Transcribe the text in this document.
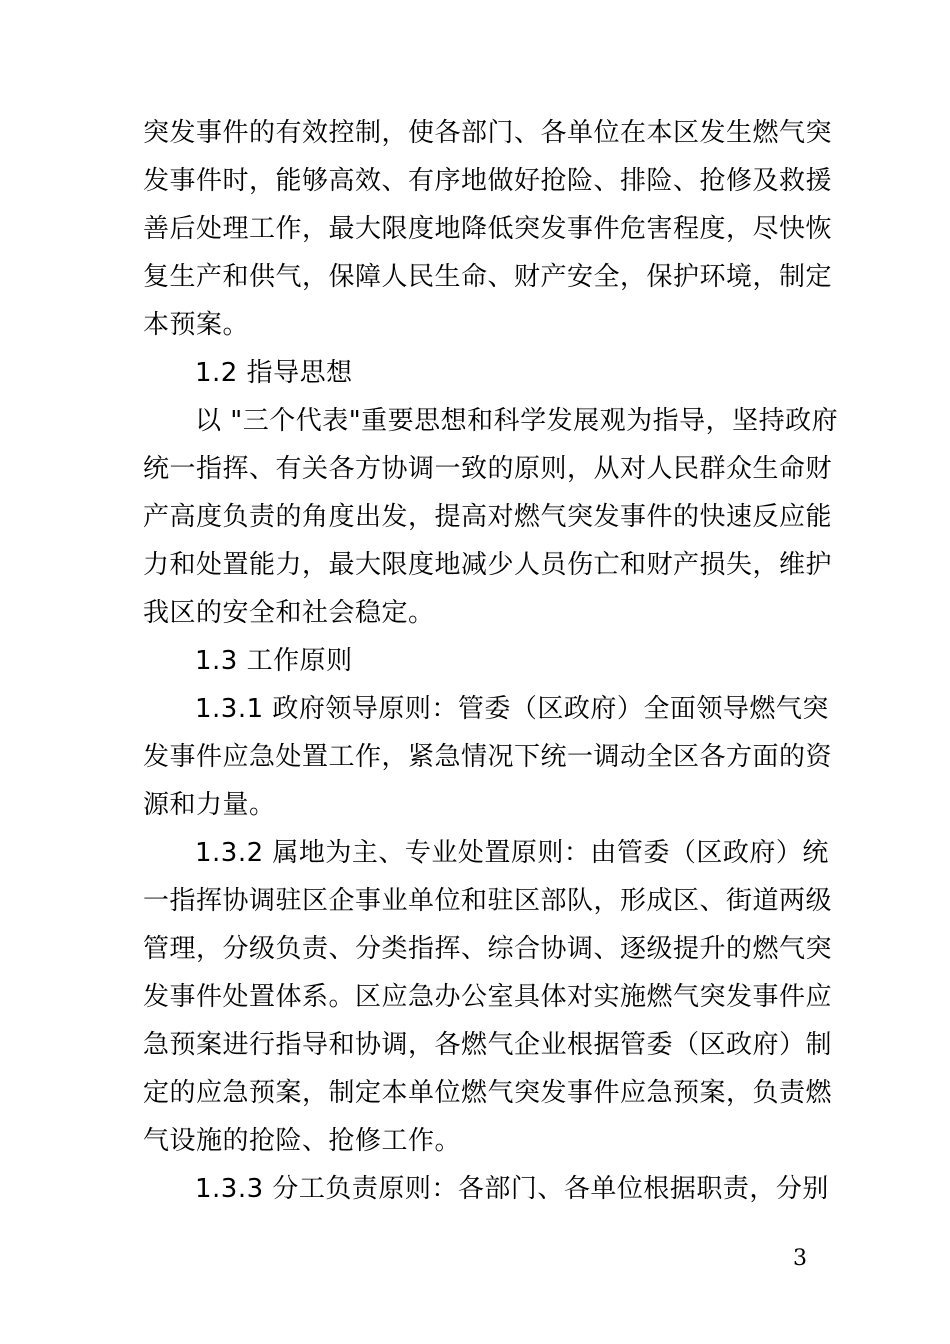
突发事件的有效控制，使各部门、各单位在本区发生燃气突
发事件时，能够高效、有序地做好抢险、排险、抢修及救援
善后处理工作，最大限度地降低突发事件危害程度，尽快恢
复生产和供气，保障人民生命、财产安全，保护环境，制定
本预案。
1.2 指导思想
以 "三个代表"重要思想和科学发展观为指导，坚持政府
统一指挥、有关各方协调一致的原则，从对人民群众生命财
产高度负责的角度出发，提高对燃气突发事件的快速反应能
力和处置能力，最大限度地减少人员伤亡和财产损失，维护
我区的安全和社会稳定。
1.3 工作原则
1.3.1 政府领导原则：管委（区政府）全面领导燃气突
发事件应急处置工作，紧急情况下统一调动全区各方面的资
源和力量。
1.3.2 属地为主、专业处置原则：由管委（区政府）统
一指挥协调驻区企事业单位和驻区部队，形成区、街道两级
管理，分级负责、分类指挥、综合协调、逐级提升的燃气突
发事件处置体系。区应急办公室具体对实施燃气突发事件应
急预案进行指导和协调，各燃气企业根据管委（区政府）制
定的应急预案，制定本单位燃气突发事件应急预案，负责燃
气设施的抢险、抢修工作。
1.3.3 分工负责原则：各部门、各单位根据职责，分别
3
